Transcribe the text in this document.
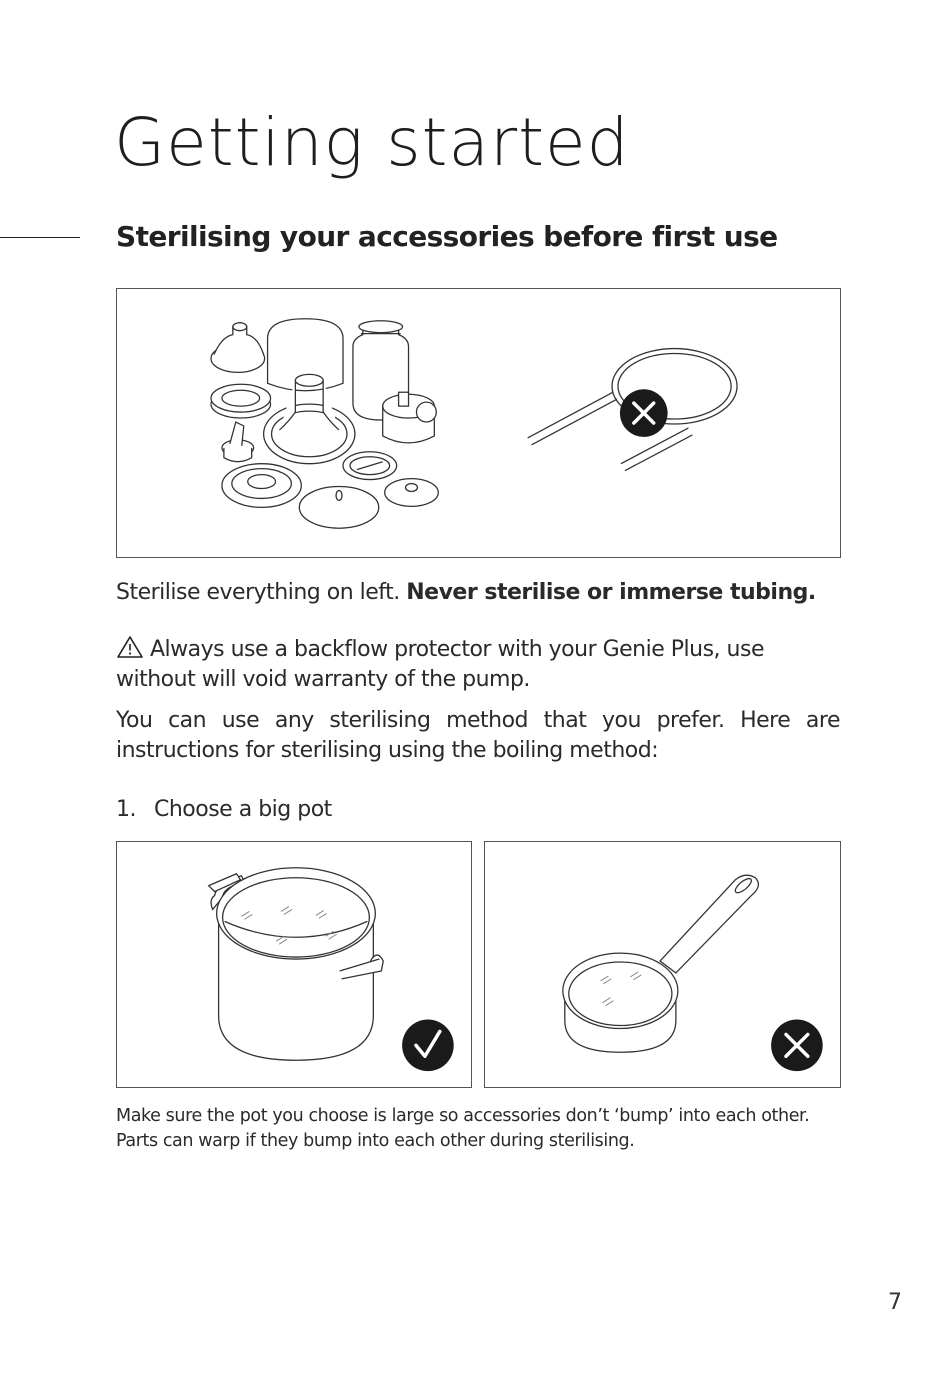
Getting started
Sterilising your accessories before first use

Sterilise everything on left. Never sterilise or immerse tubing.

Always use a backflow protector with your Genie Plus, use without will void warranty of the pump.

You can use any sterilising method that you prefer. Here are instructions for sterilising using the boiling method:

1. Choose a big pot

Make sure the pot you choose is large so accessories don’t ‘bump’ into each other. Parts can warp if they bump into each other during sterilising.

7
